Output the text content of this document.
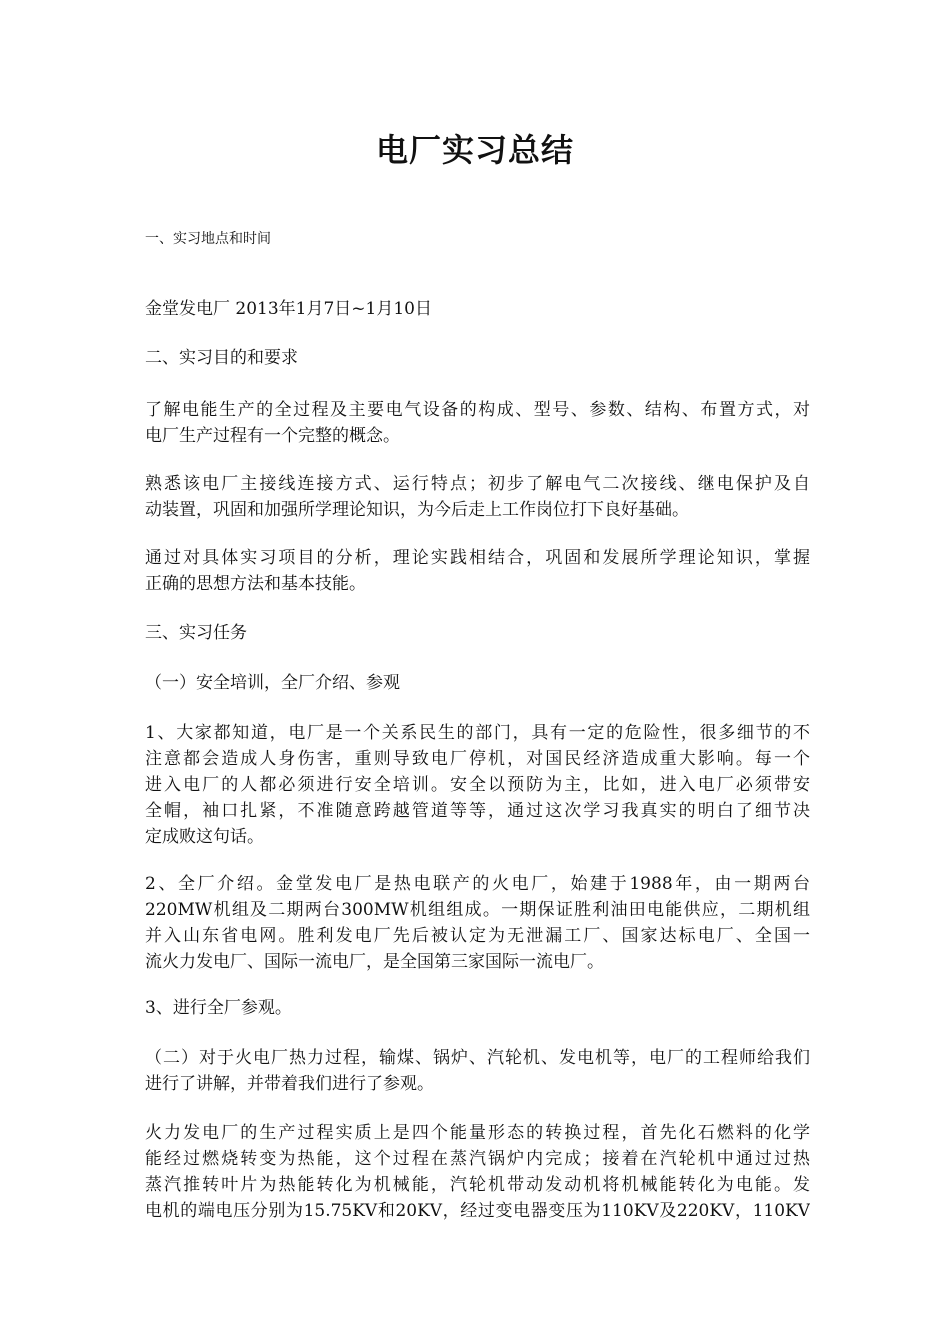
电厂实习总结
一、实习地点和时间
金堂发电厂 2013年1月7日~1月10日
二、实习目的和要求
了解电能生产的全过程及主要电气设备的构成、型号、参数、结构、布置方式，对
电厂生产过程有一个完整的概念。
熟悉该电厂主接线连接方式、运行特点；初步了解电气二次接线、继电保护及自
动装置，巩固和加强所学理论知识，为今后走上工作岗位打下良好基础。
通过对具体实习项目的分析，理论实践相结合，巩固和发展所学理论知识，掌握
正确的思想方法和基本技能。
三、实习任务
（一）安全培训，全厂介绍、参观
1、大家都知道，电厂是一个关系民生的部门，具有一定的危险性，很多细节的不
注意都会造成人身伤害，重则导致电厂停机，对国民经济造成重大影响。每一个
进入电厂的人都必须进行安全培训。安全以预防为主，比如，进入电厂必须带安
全帽，袖口扎紧，不准随意跨越管道等等，通过这次学习我真实的明白了细节决
定成败这句话。
2、全厂介绍。金堂发电厂是热电联产的火电厂，始建于1988年，由一期两台
220MW机组及二期两台300MW机组组成。一期保证胜利油田电能供应，二期机组
并入山东省电网。胜利发电厂先后被认定为无泄漏工厂、国家达标电厂、全国一
流火力发电厂、国际一流电厂，是全国第三家国际一流电厂。
3、进行全厂参观。
（二）对于火电厂热力过程，输煤、锅炉、汽轮机、发电机等，电厂的工程师给我们
进行了讲解，并带着我们进行了参观。
火力发电厂的生产过程实质上是四个能量形态的转换过程，首先化石燃料的化学
能经过燃烧转变为热能，这个过程在蒸汽锅炉内完成；接着在汽轮机中通过过热
蒸汽推转叶片为热能转化为机械能，汽轮机带动发动机将机械能转化为电能。发
电机的端电压分别为15.75KV和20KV，经过变电器变压为110KV及220KV，110KV
